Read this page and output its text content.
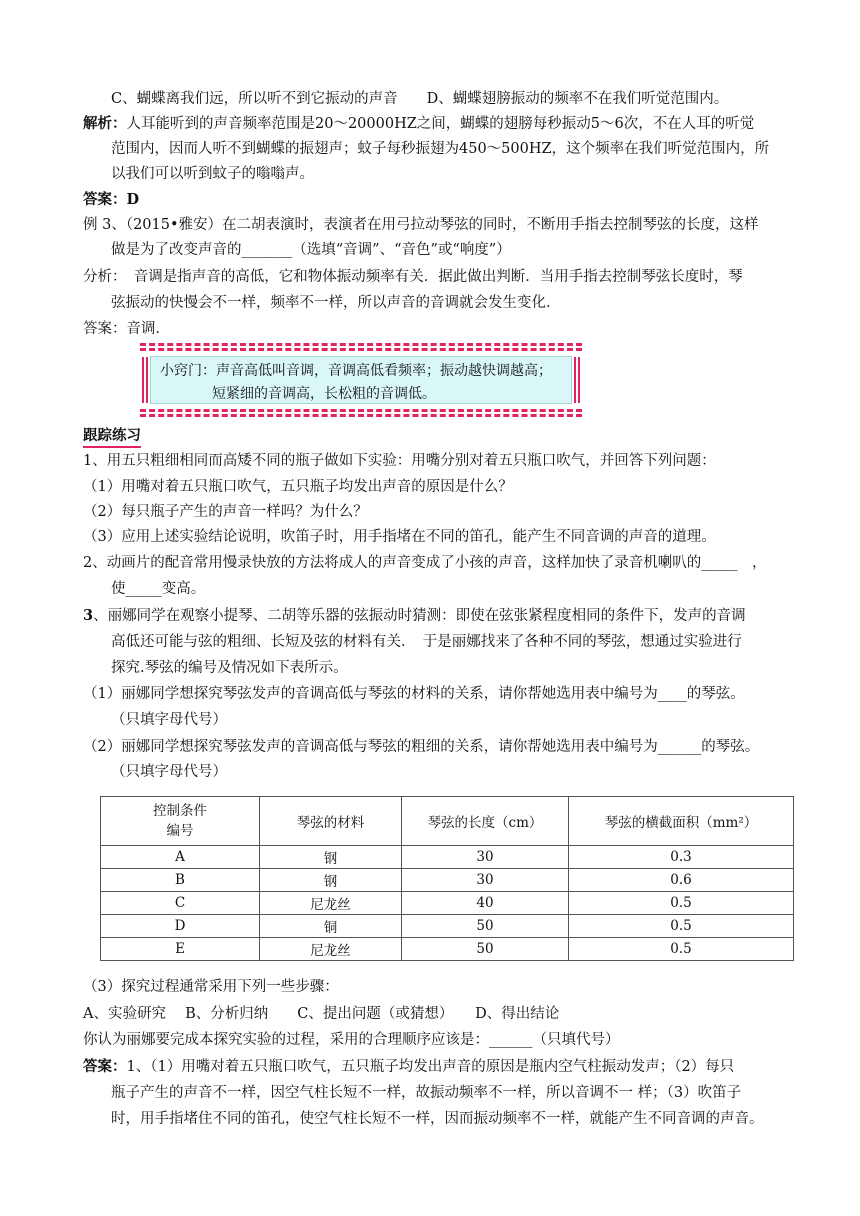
C、蝴蝶离我们远，所以听不到它振动的声音　　D、蝴蝶翅膀振动的频率不在我们听觉范围内。
解析：人耳能听到的声音频率范围是20～20000HZ之间，蝴蝶的翅膀每秒振动5～6次，不在人耳的听觉
范围内，因而人听不到蝴蝶的振翅声；蚊子每秒振翅为450～500HZ，这个频率在我们听觉范围内，所
以我们可以听到蚊子的嗡嗡声。
答案：D
例 3、（2015•雅安）在二胡表演时，表演者在用弓拉动琴弦的同时，不断用手指去控制琴弦的长度，这样
做是为了改变声音的_______（选填“音调”、“音色”或“响度”）
分析：　音调是指声音的高低，它和物体振动频率有关．据此做出判断．当用手指去控制琴弦长度时，琴
弦振动的快慢会不一样，频率不一样，所以声音的音调就会发生变化．
答案：音调．
小窍门：声音高低叫音调，音调高低看频率；振动越快调越高；
短紧细的音调高，长松粗的音调低。
跟踪练习
1、用五只粗细相同而高矮不同的瓶子做如下实验：用嘴分别对着五只瓶口吹气，并回答下列问题：
（1）用嘴对着五只瓶口吹气，五只瓶子均发出声音的原因是什么？
（2）每只瓶子产生的声音一样吗？为什么？
（3）应用上述实验结论说明，吹笛子时，用手指堵在不同的笛孔，能产生不同音调的声音的道理。
2、动画片的配音常用慢录快放的方法将成人的声音变成了小孩的声音，这样加快了录音机喇叭的_____　，
使_____变高。
3、丽娜同学在观察小提琴、二胡等乐器的弦振动时猜测：即使在弦张紧程度相同的条件下，发声的音调
高低还可能与弦的粗细、长短及弦的材料有关．　于是丽娜找来了各种不同的琴弦，想通过实验进行
探究.琴弦的编号及情况如下表所示。
（1）丽娜同学想探究琴弦发声的音调高低与琴弦的材料的关系，请你帮她选用表中编号为____的琴弦。
（只填字母代号）
（2）丽娜同学想探究琴弦发声的音调高低与琴弦的粗细的关系，请你帮她选用表中编号为______的琴弦。
（只填字母代号）
控制条件
编号	琴弦的材料	琴弦的长度（cm）	琴弦的横截面积（mm²）
A	钢	30	0.3
B	钢	30	0.6
C	尼龙丝	40	0.5
D	铜	50	0.5
E	尼龙丝	50	0.5
（3）探究过程通常采用下列一些步骤：
A、实验研究　 B、分析归纳　　C、提出问题（或猜想）　　D、得出结论
你认为丽娜要完成本探究实验的过程，采用的合理顺序应该是：______（只填代号）
答案：1、（1）用嘴对着五只瓶口吹气，五只瓶子均发出声音的原因是瓶内空气柱振动发声；（2）每只
瓶子产生的声音不一样，因空气柱长短不一样，故振动频率不一样，所以音调不一 样；（3）吹笛子
时，用手指堵住不同的笛孔，使空气柱长短不一样，因而振动频率不一样，就能产生不同音调的声音。
